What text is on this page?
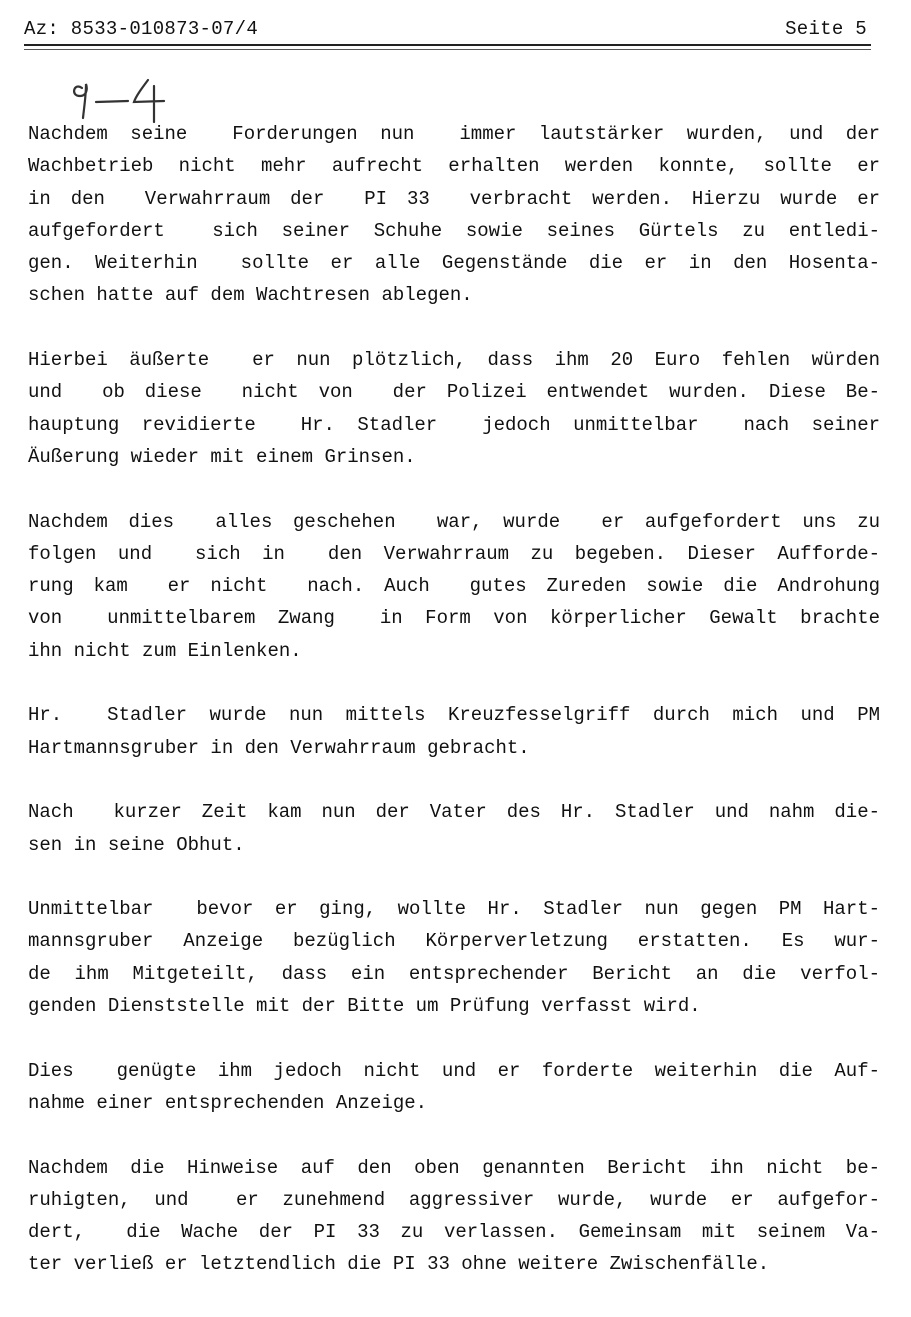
Az: 8533-010873-07/4	Seite 5
Nachdem seine  Forderungen nun  immer lautstärker wurden, und der
Wachbetrieb nicht mehr aufrecht erhalten werden konnte, sollte er
in den  Verwahrraum der  PI 33  verbracht werden. Hierzu wurde er
aufgefordert  sich seiner Schuhe sowie seines Gürtels zu entledi-
gen. Weiterhin  sollte er alle Gegenstände die er in den Hosenta-
schen hatte auf dem Wachtresen ablegen.
Hierbei äußerte  er nun plötzlich, dass ihm 20 Euro fehlen würden
und  ob diese  nicht von  der Polizei entwendet wurden. Diese Be-
hauptung revidierte  Hr. Stadler  jedoch unmittelbar  nach seiner
Äußerung wieder mit einem Grinsen.
Nachdem dies  alles geschehen  war, wurde  er aufgefordert uns zu
folgen und  sich in  den Verwahrraum zu begeben. Dieser Aufforde-
rung kam  er nicht  nach. Auch  gutes Zureden sowie die Androhung
von  unmittelbarem Zwang  in Form von körperlicher Gewalt brachte
ihn nicht zum Einlenken.
Hr.  Stadler wurde nun mittels Kreuzfesselgriff durch mich und PM
Hartmannsgruber in den Verwahrraum gebracht.
Nach  kurzer Zeit kam nun der Vater des Hr. Stadler und nahm die-
sen in seine Obhut.
Unmittelbar  bevor er ging, wollte Hr. Stadler nun gegen PM Hart-
mannsgruber Anzeige bezüglich Körperverletzung erstatten. Es wur-
de ihm Mitgeteilt, dass ein entsprechender Bericht an die verfol-
genden Dienststelle mit der Bitte um Prüfung verfasst wird.
Dies  genügte ihm jedoch nicht und er forderte weiterhin die Auf-
nahme einer entsprechenden Anzeige.
Nachdem die Hinweise auf den oben genannten Bericht ihn nicht be-
ruhigten, und  er zunehmend aggressiver wurde, wurde er aufgefor-
dert,  die Wache der PI 33 zu verlassen. Gemeinsam mit seinem Va-
ter verließ er letztendlich die PI 33 ohne weitere Zwischenfälle.
